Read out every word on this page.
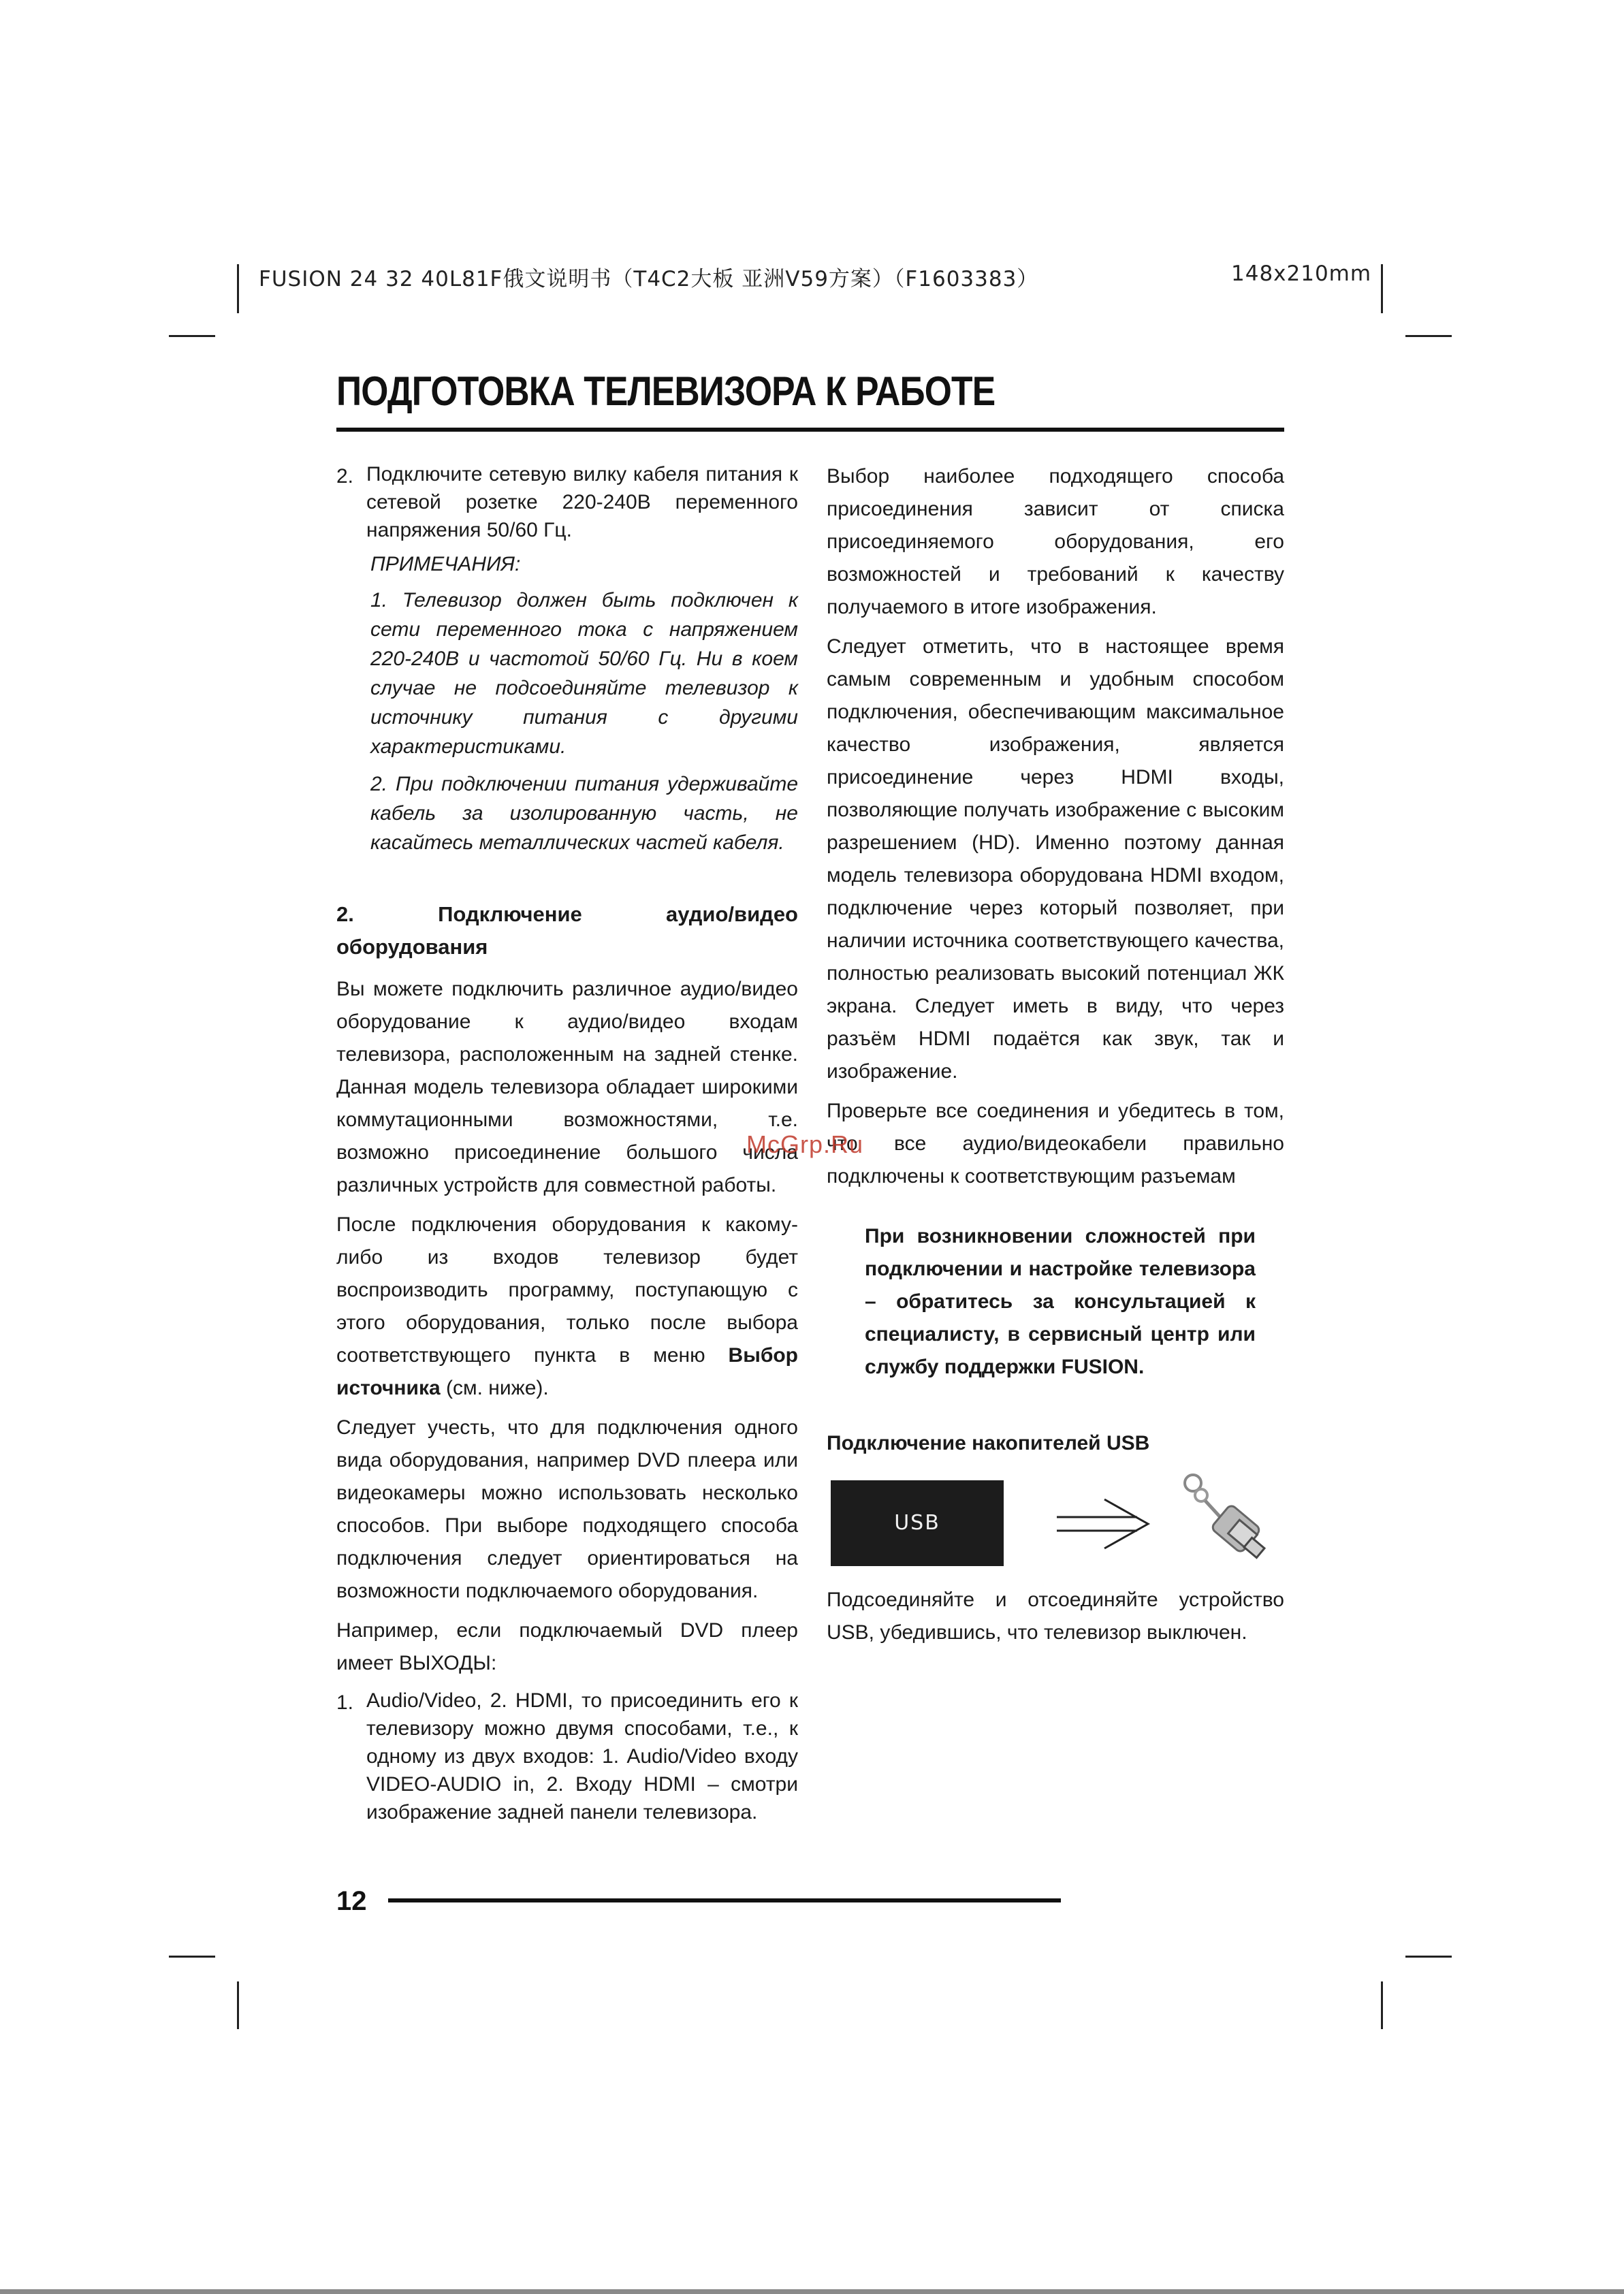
FUSION 24 32 40L81F俄文说明书（T4C2大板 亚洲V59方案）（F1603383）	148x210mm
ПОДГОТОВКА ТЕЛЕВИЗОРА К РАБОТЕ
2. Подключите сетевую вилку кабеля питания к сетевой розетке 220-240В переменного напряжения 50/60 Гц.

ПРИМЕЧАНИЯ:

1. Телевизор должен быть подключен к сети переменного тока с напряжением 220-240В и частотой 50/60 Гц. Ни в коем случае не подсоединяйте телевизор к источнику питания с другими характеристиками.

2. При подключении питания удерживайте кабель за изолированную часть, не касайтесь металлических частей кабеля.

2. Подключение аудио/видео оборудования

Вы можете подключить различное аудио/видео оборудование к аудио/видео входам телевизора, расположенным на задней стенке. Данная модель телевизора обладает широкими коммутационными возможностями, т.е. возможно присоединение большого числа различных устройств для совместной работы.

После подключения оборудования к какому-либо из входов телевизор будет воспроизводить программу, поступающую с этого оборудования, только после выбора соответствующего пункта в меню Выбор источника (см. ниже).

Следует учесть, что для подключения одного вида оборудования, например DVD плеера или видеокамеры можно использовать несколько способов. При выборе подходящего способа подключения следует ориентироваться на возможности подключаемого оборудования.

Например, если подключаемый DVD плеер имеет ВЫХОДЫ:

1. Audio/Video, 2. HDMI, то присоединить его к телевизору можно двумя способами, т.е., к одному из двух входов: 1. Audio/Video входу VIDEO-AUDIO in, 2. Входу HDMI – смотри изображение задней панели телевизора.

Выбор наиболее подходящего способа присоединения зависит от списка присоединяемого оборудования, его возможностей и требований к качеству получаемого в итоге изображения.

Следует отметить, что в настоящее время самым современным и удобным способом подключения, обеспечивающим максимальное качество изображения, является присоединение через HDMI входы, позволяющие получать изображение с высоким разрешением (HD). Именно поэтому данная модель телевизора оборудована HDMI входом, подключение через который позволяет, при наличии источника соответствующего качества, полностью реализовать высокий потенциал ЖК экрана. Следует иметь в виду, что через разъём HDMI подаётся как звук, так и изображение.

Проверьте все соединения и убедитесь в том, что все аудио/видеокабели правильно подключены к соответствующим разъемам

При возникновении сложностей при подключении и настройке телевизора – обратитесь за консультацией к специалисту, в сервисный центр или службу поддержки FUSION.

Подключение накопителей USB

USB

Подсоединяйте и отсоединяйте устройство USB, убедившись, что телевизор выключен.

McGrp.Ru
12
